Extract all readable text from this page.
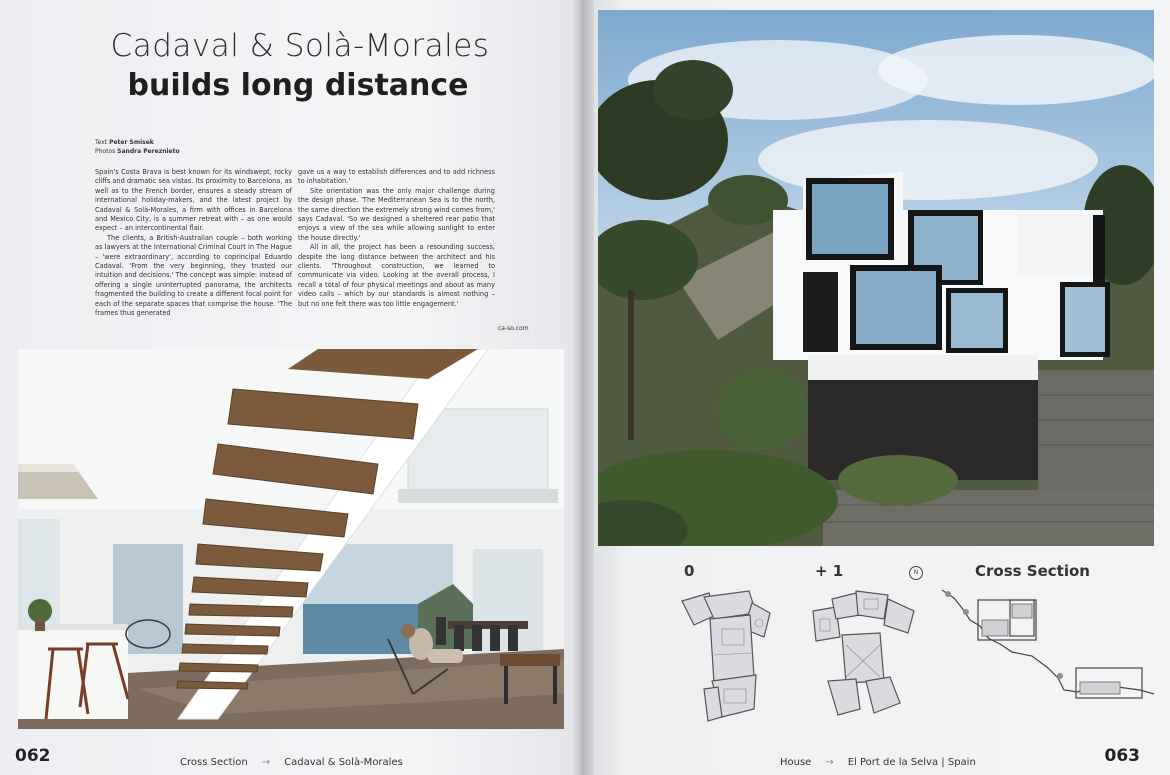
Cadaval & Solà-Morales
builds long distance
Text Peter Smisek
Photos Sandra Pereznieto

Spain's Costa Brava is best known for its windswept, rocky cliffs and dramatic sea vistas. Its proximity to Barcelona, as well as to the French border, ensures a steady stream of international holiday-makers, and the latest project by Cadaval & Solà-Morales, a firm with offices in Barcelona and Mexico City, is a summer retreat with – as one would expect – an intercontinental flair.

The clients, a British-Australian couple – both working as lawyers at the International Criminal Court in The Hague – 'were extraordinary', according to coprincipal Eduardo Cadaval. 'From the very beginning, they trusted our intuition and decisions.' The concept was simple: instead of offering a single uninterrupted panorama, the architects fragmented the building to create a different focal point for each of the separate spaces that comprise the house. 'The frames thus generated

gave us a way to establish differences and to add richness to inhabitation.'

Site orientation was the only major challenge during the design phase. 'The Mediterranean Sea is to the north, the same direction the extremely strong wind comes from,' says Cadaval. 'So we designed a sheltered rear patio that enjoys a view of the sea while allowing sunlight to enter the house directly.'

All in all, the project has been a resounding success, despite the long distance between the architect and his clients. 'Throughout construction, we learned to communicate via video. Looking at the overall process, I recall a total of four physical meetings and about as many video calls – which by our standards is almost nothing – but no one felt there was too little engagement.'

ca-so.com
062	Cross Section → Cadaval & Solà-Morales
0	+ 1	N	Cross Section
House → El Port de la Selva | Spain	063
